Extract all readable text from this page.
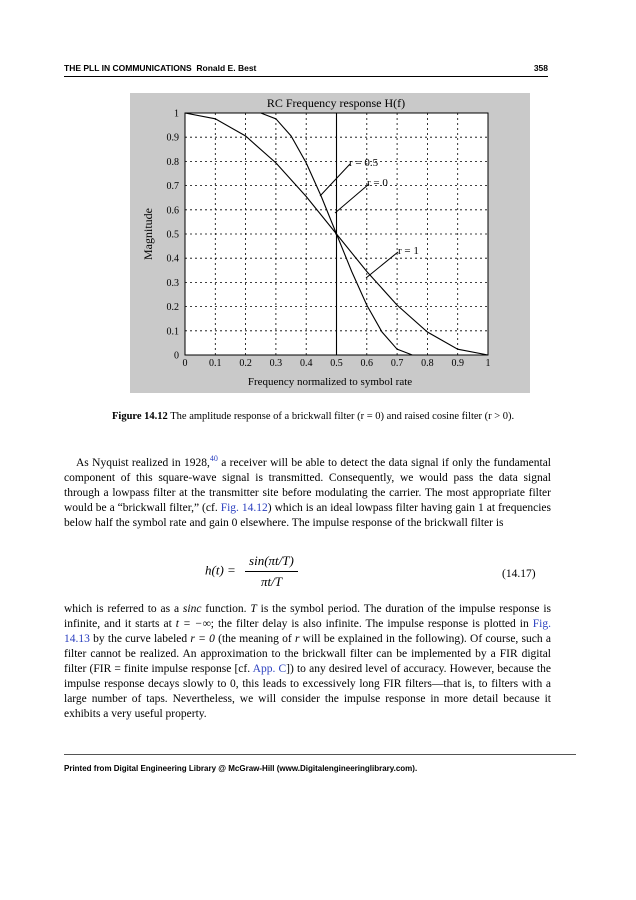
THE PLL IN COMMUNICATIONS Ronald E. Best	358
0 0.1 0.2 0.3 0.4 0.5 0.6 0.7 0.8 0.9 1
0
0.1
0.2
0.3
0.4
0.5
0.6
0.7
0.8
0.9
1
RC Frequency response H(f)
Frequency normalized to symbol rate
Magnitude
r = 0.5
r = 0
r = 1
Figure 14.12 The amplitude response of a brickwall filter (r = 0) and raised cosine filter (r > 0).
As Nyquist realized in 1928,40 a receiver will be able to detect the data signal if only the fundamental component of this square-wave signal is transmitted. Consequently, we would pass the data signal through a lowpass filter at the transmitter site before modulating the carrier. The most appropriate filter would be a “brickwall filter,” (cf. Fig. 14.12) which is an ideal lowpass filter having gain 1 at frequencies below half the symbol rate and gain 0 elsewhere. The impulse response of the brickwall filter is
$h(t) = \frac{\sin(\pi t/T)}{\pi t/T}$	(14.17)
which is referred to as a sinc function. T is the symbol period. The duration of the impulse response is infinite, and it starts at t = −∞; the filter delay is also infinite. The impulse response is plotted in Fig. 14.13 by the curve labeled r = 0 (the meaning of r will be explained in the following). Of course, such a filter cannot be realized. An approximation to the brickwall filter can be implemented by a FIR digital filter (FIR = finite impulse response [cf. App. C]) to any desired level of accuracy. However, because the impulse response decays slowly to 0, this leads to excessively long FIR filters—that is, to filters with a large number of taps. Nevertheless, we will consider the impulse response in more detail because it exhibits a very useful property.
Printed from Digital Engineering Library @ McGraw-Hill (www.Digitalengineeringlibrary.com).
